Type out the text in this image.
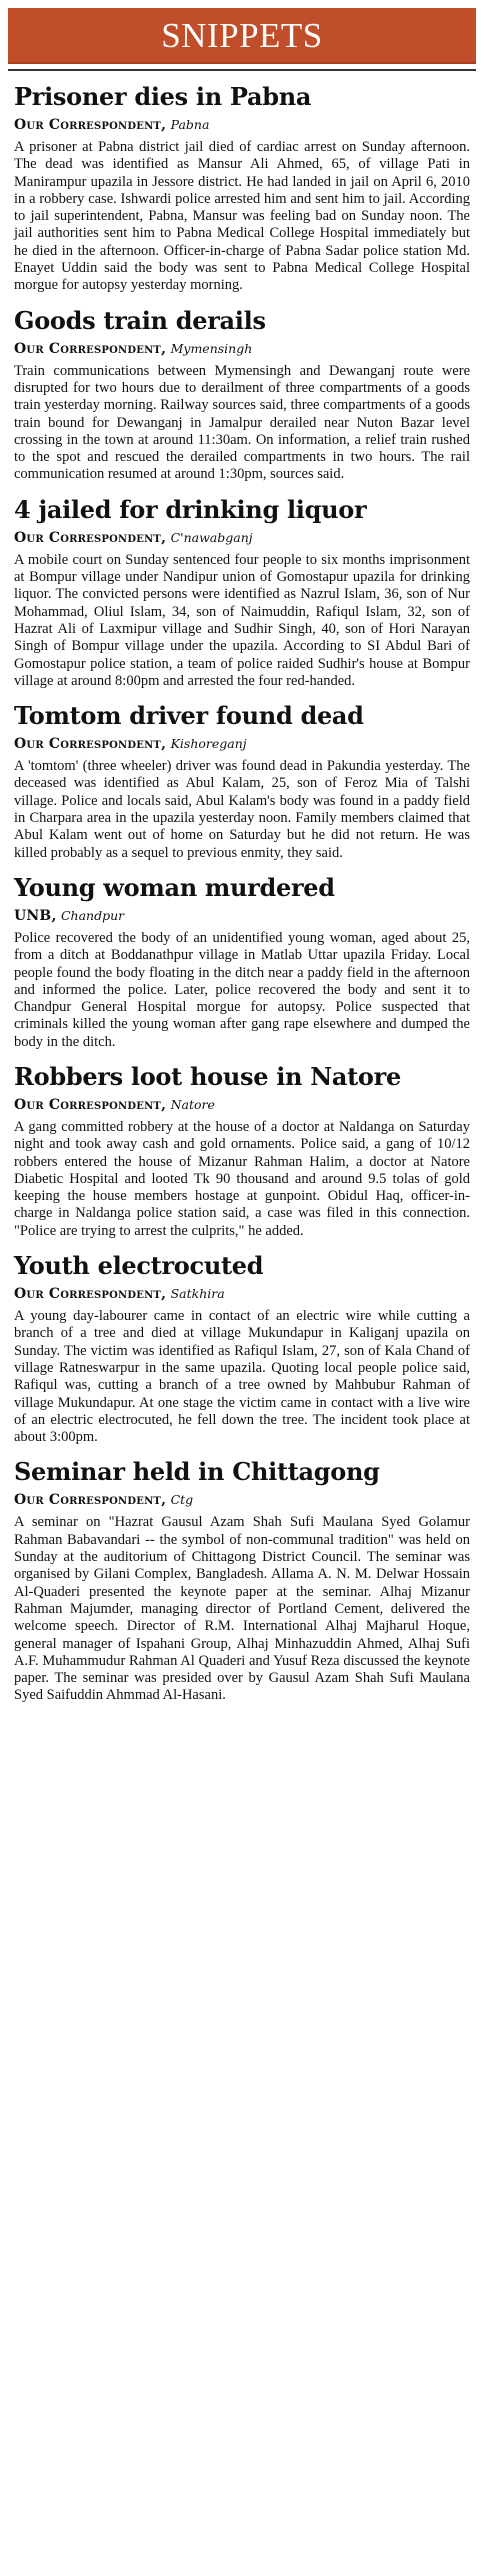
SNIPPETS
Prisoner dies in Pabna
Our Correspondent, Pabna

A prisoner at Pabna district jail died of cardiac arrest on Sunday afternoon. The dead was identified as Mansur Ali Ahmed, 65, of village Pati in Manirampur upazila in Jessore district. He had landed in jail on April 6, 2010 in a robbery case. Ishwardi police arrested him and sent him to jail. According to jail superintendent, Pabna, Mansur was feeling bad on Sunday noon. The jail authorities sent him to Pabna Medical College Hospital immediately but he died in the afternoon. Officer-in-charge of Pabna Sadar police station Md. Enayet Uddin said the body was sent to Pabna Medical College Hospital morgue for autopsy yesterday morning.

Goods train derails
Our Correspondent, Mymensingh

Train communications between Mymensingh and Dewanganj route were disrupted for two hours due to derailment of three compartments of a goods train yesterday morning. Railway sources said, three compartments of a goods train bound for Dewanganj in Jamalpur derailed near Nuton Bazar level crossing in the town at around 11:30am. On information, a relief train rushed to the spot and rescued the derailed compartments in two hours. The rail communication resumed at around 1:30pm, sources said.

4 jailed for drinking liquor
Our Correspondent, C'nawabganj

A mobile court on Sunday sentenced four people to six months imprisonment at Bompur village under Nandipur union of Gomostapur upazila for drinking liquor. The convicted persons were identified as Nazrul Islam, 36, son of Nur Mohammad, Oliul Islam, 34, son of Naimuddin, Rafiqul Islam, 32, son of Hazrat Ali of Laxmipur village and Sudhir Singh, 40, son of Hori Narayan Singh of Bompur village under the upazila. According to SI Abdul Bari of Gomostapur police station, a team of police raided Sudhir's house at Bompur village at around 8:00pm and arrested the four red-handed.

Tomtom driver found dead
Our Correspondent, Kishoreganj

A 'tomtom' (three wheeler) driver was found dead in Pakundia yesterday. The deceased was identified as Abul Kalam, 25, son of Feroz Mia of Talshi village. Police and locals said, Abul Kalam's body was found in a paddy field in Charpara area in the upazila yesterday noon. Family members claimed that Abul Kalam went out of home on Saturday but he did not return. He was killed probably as a sequel to previous enmity, they said.

Young woman murdered
UNB, Chandpur

Police recovered the body of an unidentified young woman, aged about 25, from a ditch at Boddanathpur village in Matlab Uttar upazila Friday. Local people found the body floating in the ditch near a paddy field in the afternoon and informed the police. Later, police recovered the body and sent it to Chandpur General Hospital morgue for autopsy. Police suspected that criminals killed the young woman after gang rape elsewhere and dumped the body in the ditch.

Robbers loot house in Natore
Our Correspondent, Natore

A gang committed robbery at the house of a doctor at Naldanga on Saturday night and took away cash and gold ornaments. Police said, a gang of 10/12 robbers entered the house of Mizanur Rahman Halim, a doctor at Natore Diabetic Hospital and looted Tk 90 thousand and around 9.5 tolas of gold keeping the house members hostage at gunpoint. Obidul Haq, officer-in-charge in Naldanga police station said, a case was filed in this connection. "Police are trying to arrest the culprits," he added.

Youth electrocuted
Our Correspondent, Satkhira

A young day-labourer came in contact of an electric wire while cutting a branch of a tree and died at village Mukundapur in Kaliganj upazila on Sunday. The victim was identified as Rafiqul Islam, 27, son of Kala Chand of village Ratneswarpur in the same upazila. Quoting local people police said, Rafiqul was, cutting a branch of a tree owned by Mahbubur Rahman of village Mukundapur. At one stage the victim came in contact with a live wire of an electric electrocuted, he fell down the tree. The incident took place at about 3:00pm.

Seminar held in Chittagong
Our Correspondent, Ctg

A seminar on "Hazrat Gausul Azam Shah Sufi Maulana Syed Golamur Rahman Babavandari -- the symbol of non-communal tradition" was held on Sunday at the auditorium of Chittagong District Council. The seminar was organised by Gilani Complex, Bangladesh. Allama A. N. M. Delwar Hossain Al-Quaderi presented the keynote paper at the seminar. Alhaj Mizanur Rahman Majumder, managing director of Portland Cement, delivered the welcome speech. Director of R.M. International Alhaj Majharul Hoque, general manager of Ispahani Group, Alhaj Minhazuddin Ahmed, Alhaj Sufi A.F. Muhammudur Rahman Al Quaderi and Yusuf Reza discussed the keynote paper. The seminar was presided over by Gausul Azam Shah Sufi Maulana Syed Saifuddin Ahmmad Al-Hasani.
